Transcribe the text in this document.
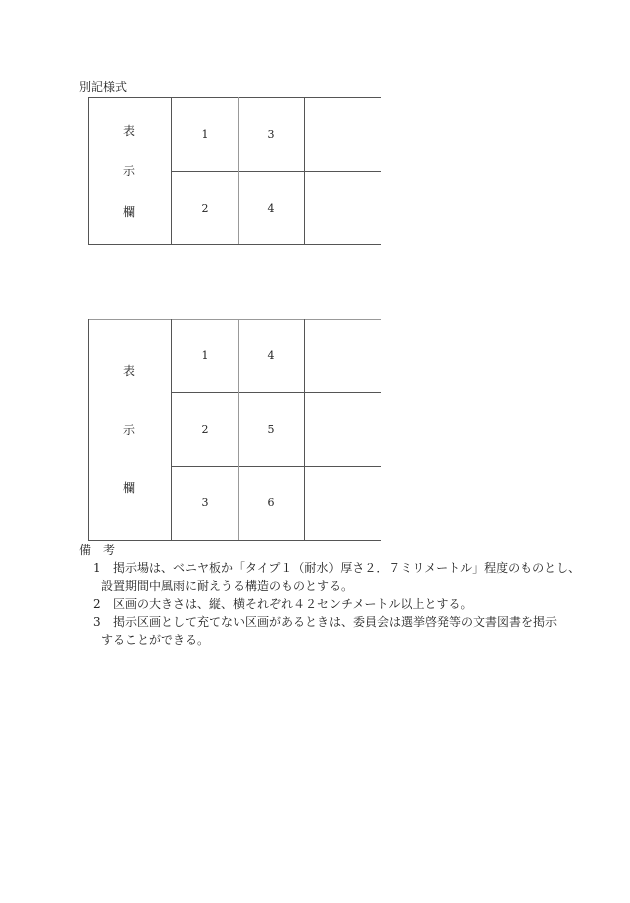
別記様式
表
示
欄
1	3
2	4
表
示
欄
1	4
2	5
3	6
備　考
1 掲示場は、ベニヤ板か「タイプ１（耐水）厚さ２．７ミリメートル」程度のものとし、
設置期間中風雨に耐えうる構造のものとする。
2 区画の大きさは、縦、横それぞれ４２センチメートル以上とする。
3 掲示区画として充てない区画があるときは、委員会は選挙啓発等の文書図書を掲示
することができる。
